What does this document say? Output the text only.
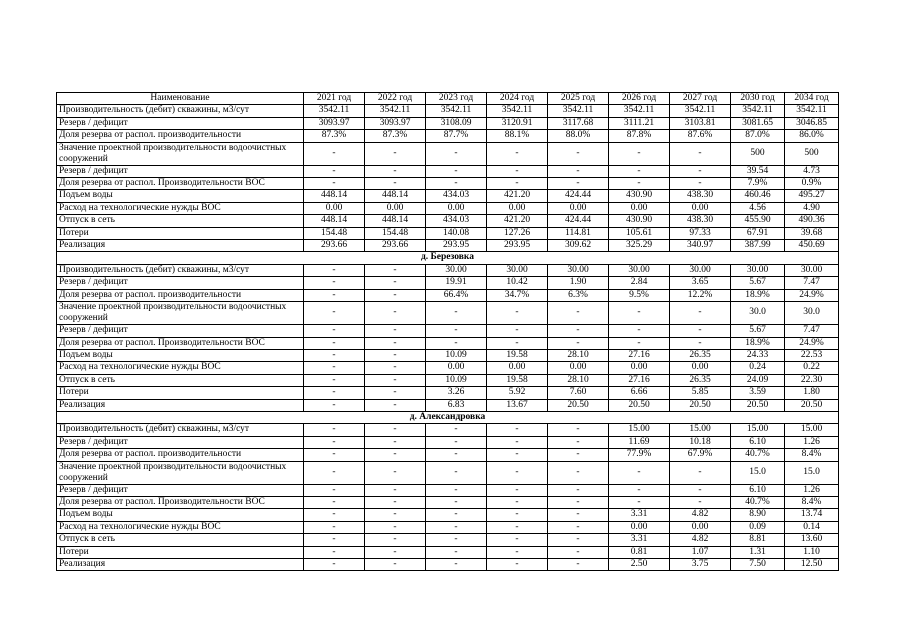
Наименование	2021 год	2022 год	2023 год	2024 год	2025 год	2026 год	2027 год	2030 год	2034 год
Производительность (дебит) скважины, м3/сут	3542.11	3542.11	3542.11	3542.11	3542.11	3542.11	3542.11	3542.11	3542.11
Резерв / дефицит	3093.97	3093.97	3108.09	3120.91	3117.68	3111.21	3103.81	3081.65	3046.85
Доля резерва от распол. производительности	87.3%	87.3%	87.7%	88.1%	88.0%	87.8%	87.6%	87.0%	86.0%
Значение проектной производительности водоочистных сооружений	-	-	-	-	-	-	-	500	500
Резерв / дефицит	-	-	-	-	-	-	-	39.54	4.73
Доля резерва от распол. Производительности ВОС	-	-	-	-	-	-	-	7.9%	0.9%
Подъем воды	448.14	448.14	434.03	421.20	424.44	430.90	438.30	460.46	495.27
Расход на технологические нужды ВОС	0.00	0.00	0.00	0.00	0.00	0.00	0.00	4.56	4.90
Отпуск в сеть	448.14	448.14	434.03	421.20	424.44	430.90	438.30	455.90	490.36
Потери	154.48	154.48	140.08	127.26	114.81	105.61	97.33	67.91	39.68
Реализация	293.66	293.66	293.95	293.95	309.62	325.29	340.97	387.99	450.69
д. Березовка									
Производительность (дебит) скважины, м3/сут	-	-	30.00	30.00	30.00	30.00	30.00	30.00	30.00
Резерв / дефицит	-	-	19.91	10.42	1.90	2.84	3.65	5.67	7.47
Доля резерва от распол. производительности	-	-	66.4%	34.7%	6.3%	9.5%	12.2%	18.9%	24.9%
Значение проектной производительности водоочистных сооружений	-	-	-	-	-	-	-	30.0	30.0
Резерв / дефицит	-	-	-	-	-	-	-	5.67	7.47
Доля резерва от распол. Производительности ВОС	-	-	-	-	-	-	-	18.9%	24.9%
Подъем воды	-	-	10.09	19.58	28.10	27.16	26.35	24.33	22.53
Расход на технологические нужды ВОС	-	-	0.00	0.00	0.00	0.00	0.00	0.24	0.22
Отпуск в сеть	-	-	10.09	19.58	28.10	27.16	26.35	24.09	22.30
Потери	-	-	3.26	5.92	7.60	6.66	5.85	3.59	1.80
Реализация	-	-	6.83	13.67	20.50	20.50	20.50	20.50	20.50
д. Александровка									
Производительность (дебит) скважины, м3/сут	-	-	-	-	-	15.00	15.00	15.00	15.00
Резерв / дефицит	-	-	-	-	-	11.69	10.18	6.10	1.26
Доля резерва от распол. производительности	-	-	-	-	-	77.9%	67.9%	40.7%	8.4%
Значение проектной производительности водоочистных сооружений	-	-	-	-	-	-	-	15.0	15.0
Резерв / дефицит	-	-	-	-	-	-	-	6.10	1.26
Доля резерва от распол. Производительности ВОС	-	-	-	-	-	-	-	40.7%	8.4%
Подъем воды	-	-	-	-	-	3.31	4.82	8.90	13.74
Расход на технологические нужды ВОС	-	-	-	-	-	0.00	0.00	0.09	0.14
Отпуск в сеть	-	-	-	-	-	3.31	4.82	8.81	13.60
Потери	-	-	-	-	-	0.81	1.07	1.31	1.10
Реализация	-	-	-	-	-	2.50	3.75	7.50	12.50
